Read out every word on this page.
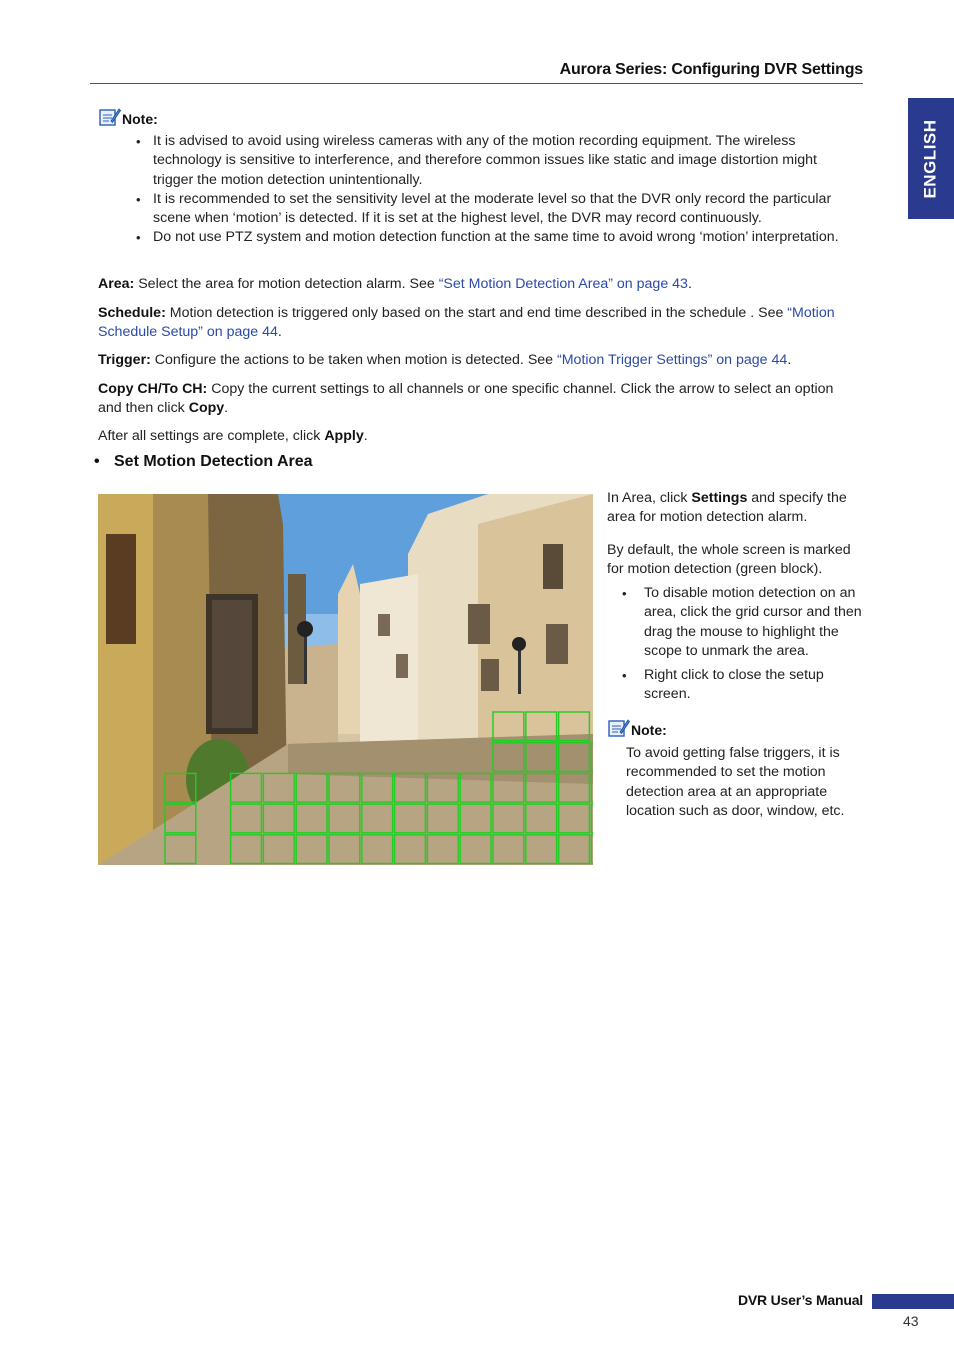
Aurora Series: Configuring DVR Settings
ENGLISH
Note:
• It is advised to avoid using wireless cameras with any of the motion recording equipment. The wireless technology is sensitive to interference, and therefore common issues like static and image distortion might trigger the motion detection unintentionally.
• It is recommended to set the sensitivity level at the moderate level so that the DVR only record the particular scene when ‘motion’ is detected. If it is set at the highest level, the DVR may record continuously.
• Do not use PTZ system and motion detection function at the same time to avoid wrong ‘motion’ interpretation.

Area: Select the area for motion detection alarm. See “Set Motion Detection Area” on page 43.

Schedule: Motion detection is triggered only based on the start and end time described in the schedule . See “Motion Schedule Setup” on page 44.

Trigger: Configure the actions to be taken when motion is detected. See “Motion Trigger Settings” on page 44.

Copy CH/To CH: Copy the current settings to all channels or one specific channel. Click the arrow to select an option and then click Copy.

After all settings are complete, click Apply.

• Set Motion Detection Area

In Area, click Settings and specify the area for motion detection alarm.

By default, the whole screen is marked for motion detection (green block).

• To disable motion detection on an area, click the grid cursor and then drag the mouse to highlight the scope to unmark the area.
• Right click to close the setup screen.
Note:

To avoid getting false triggers, it is recommended to set the motion detection area at an appropriate location such as door, window, etc.

DVR User’s Manual
43
